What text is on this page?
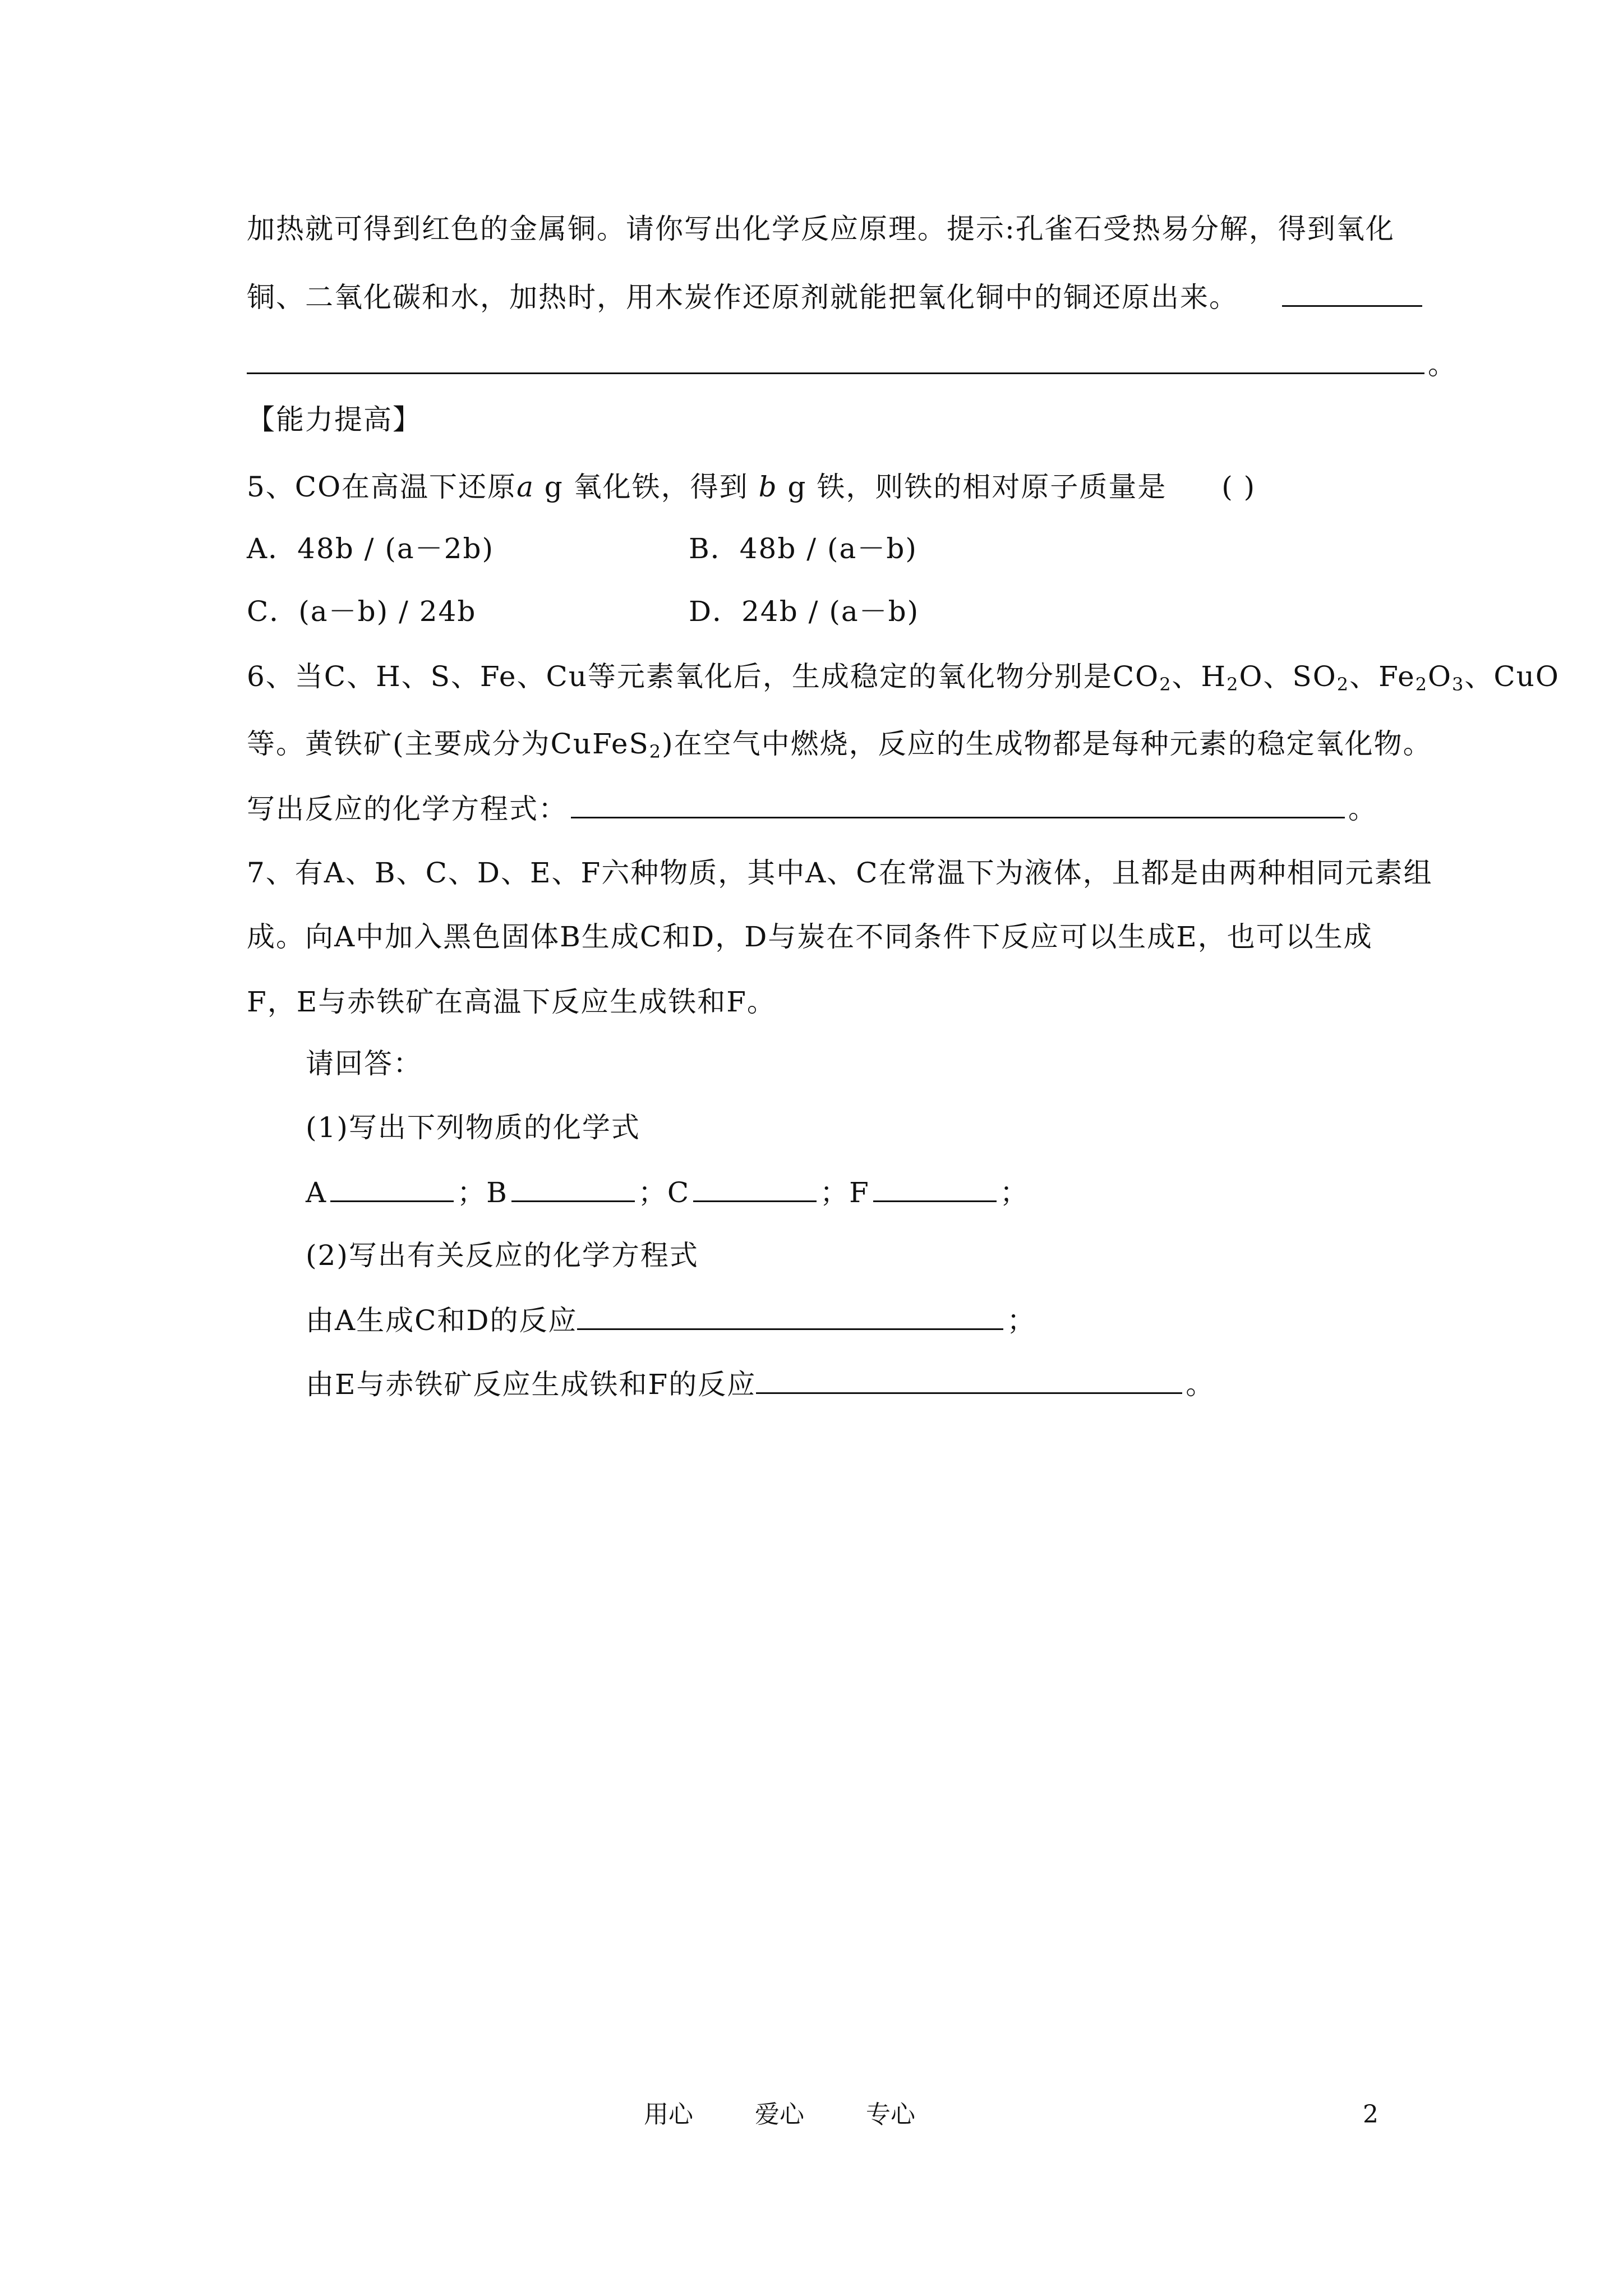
加热就可得到红色的金属铜。请你写出化学反应原理。提示:孔雀石受热易分解，得到氧化
铜、二氧化碳和水，加热时，用木炭作还原剂就能把氧化铜中的铜还原出来。
。
【能力提高】
5、CO在高温下还原a g 氧化铁，得到 b g 铁，则铁的相对原子质量是 ( )
A．48b / (a－2b)	B．48b / (a－b)
C．(a－b) / 24b	D．24b / (a－b)
6、当C、H、S、Fe、Cu等元素氧化后，生成稳定的氧化物分别是$CO_2$、$H_2O$、$SO_2$、$Fe_2O_3$、CuO
等。黄铁矿(主要成分为CuFeS$_2$)在空气中燃烧，反应的生成物都是每种元素的稳定氧化物。
写出反应的化学方程式：	。
7、有A、B、C、D、E、F六种物质，其中A、C在常温下为液体，且都是由两种相同元素组
成。向A中加入黑色固体B生成C和D，D与炭在不同条件下反应可以生成E，也可以生成
F，E与赤铁矿在高温下反应生成铁和F。
请回答：
(1)写出下列物质的化学式
A	；B	；C	；F	；
(2)写出有关反应的化学方程式
由A生成C和D的反应	；
由E与赤铁矿反应生成铁和F的反应	。
用心	爱心	专心	2
